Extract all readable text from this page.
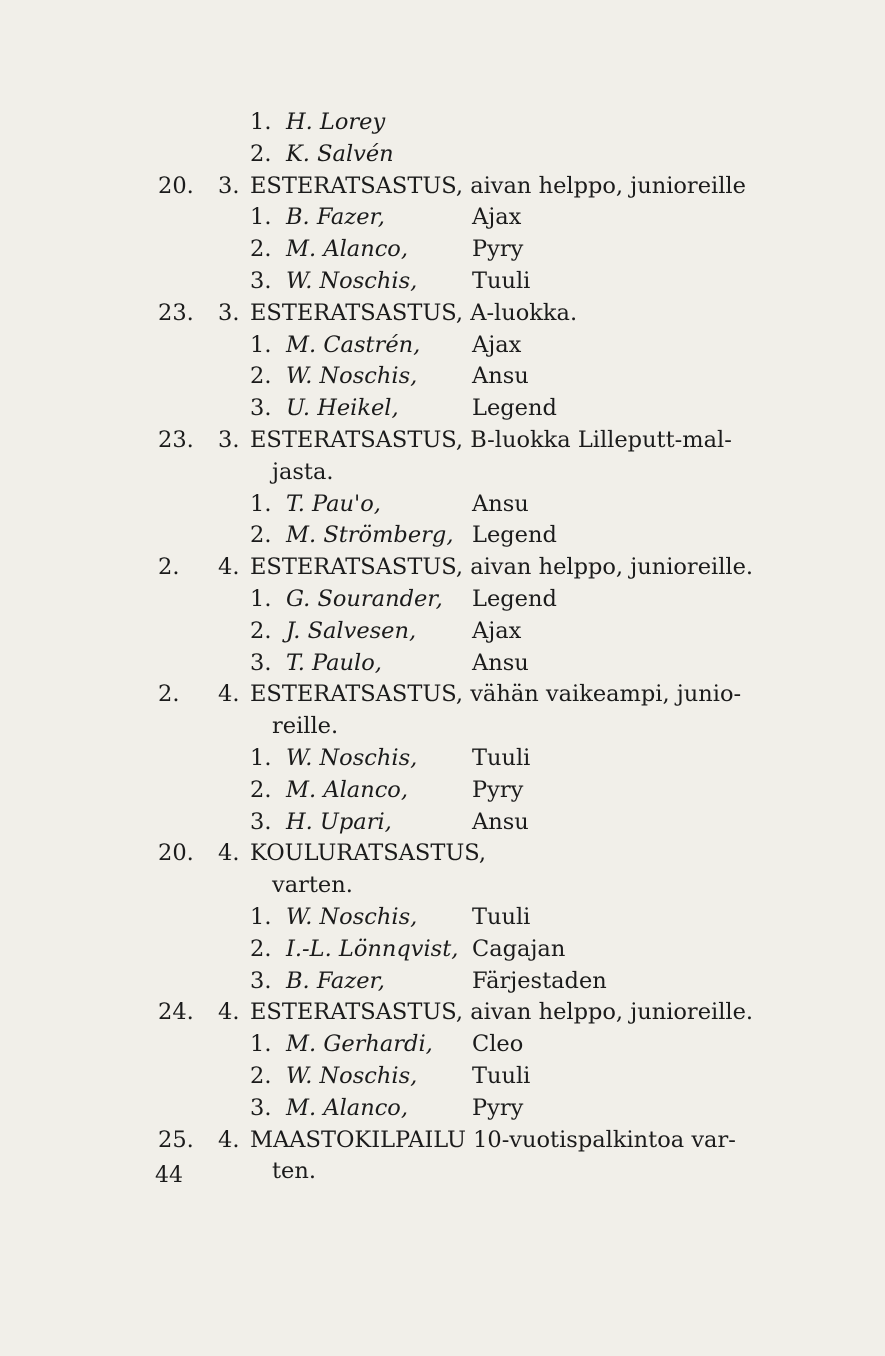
1. H. Lorey
2. K. Salvén
20. 3. ESTERATSASTUS, aivan helppo, junioreille
1. B. Fazer,	Ajax
2. M. Alanco,	Pyry
3. W. Noschis, Tuuli
23. 3. ESTERATSASTUS, A-luokka.
1. M. Castrén, Ajax
2. W. Noschis, Ansu
3. U. Heikel,	Legend
23. 3. ESTERATSASTUS, B-luokka Lilleputt-mal-
jasta.
1. T. Pau'o,	Ansu
2. M. Strömberg, Legend
2. 4. ESTERATSASTUS, aivan helppo, junioreille.
1. G. Sourander, Legend
2. J. Salvesen, Ajax
3. T. Paulo,	Ansu
2. 4. ESTERATSASTUS, vähän vaikeampi, junio-
reille.
1. W. Noschis, Tuuli
2. M. Alanco,	Pyry
3. H. Upari,	Ansu
20. 4. KOULURATSASTUS,
varten.
1. W. Noschis, Tuuli
2. I.-L. Lönnqvist, Cagajan
3. B. Fazer,	Färjestaden
24. 4. ESTERATSASTUS, aivan helppo, junioreille.
1. M. Gerhardi, Cleo
2. W. Noschis, Tuuli
3. M. Alanco,	Pyry
25. 4. MAASTOKILPAILU 10-vuotispalkintoa var-
ten.
44
